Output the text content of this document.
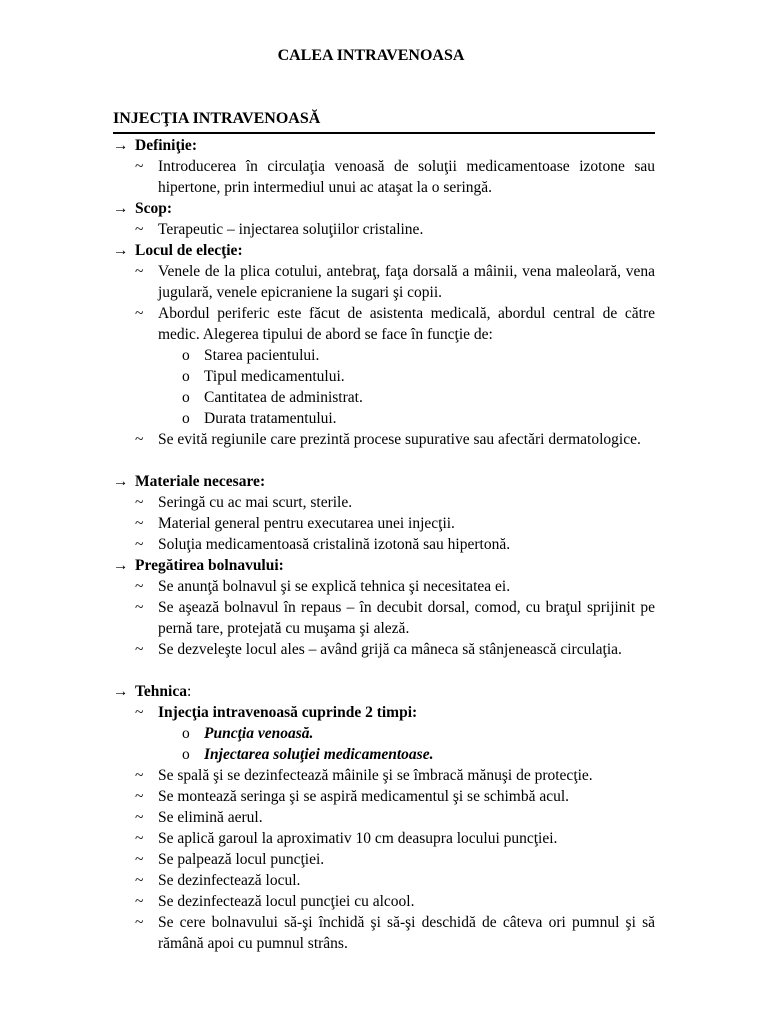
CALEA INTRAVENOASA
INJECŢIA INTRAVENOASĂ
→ Definiţie:
~ Introducerea în circulaţia venoasă de soluţii medicamentoase izotone sau hipertone, prin intermediul unui ac ataşat la o seringă.
→ Scop:
~ Terapeutic – injectarea soluţiilor cristaline.
→ Locul de elecţie:
~ Venele de la plica cotului, antebraţ, faţa dorsală a mâinii, vena maleolară, vena jugulară, venele epicraniene la sugari şi copii.
~ Abordul periferic este făcut de asistenta medicală, abordul central de către medic. Alegerea tipului de abord se face în funcţie de:
o Starea pacientului.
o Tipul medicamentului.
o Cantitatea de administrat.
o Durata tratamentului.
~ Se evită regiunile care prezintă procese supurative sau afectări dermatologice.
→ Materiale necesare:
~ Seringă cu ac mai scurt, sterile.
~ Material general pentru executarea unei injecţii.
~ Soluţia medicamentoasă cristalină izotonă sau hipertonă.
→ Pregătirea bolnavului:
~ Se anunţă bolnavul şi se explică tehnica şi necesitatea ei.
~ Se aşează bolnavul în repaus – în decubit dorsal, comod, cu braţul sprijinit pe pernă tare, protejată cu muşama şi aleză.
~ Se dezveleşte locul ales – având grijă ca mâneca să stânjenească circulaţia.
→ Tehnica:
~ Injecţia intravenoasă cuprinde 2 timpi:
o Puncţia venoasă.
o Injectarea soluţiei medicamentoase.
~ Se spală şi se dezinfectează mâinile şi se îmbracă mănuşi de protecţie.
~ Se montează seringa şi se aspiră medicamentul şi se schimbă acul.
~ Se elimină aerul.
~ Se aplică garoul la aproximativ 10 cm deasupra locului puncţiei.
~ Se palpează locul puncţiei.
~ Se dezinfectează locul.
~ Se dezinfectează locul puncţiei cu alcool.
~ Se cere bolnavului să-şi închidă şi să-şi deschidă de câteva ori pumnul şi să rămână apoi cu pumnul strâns.
